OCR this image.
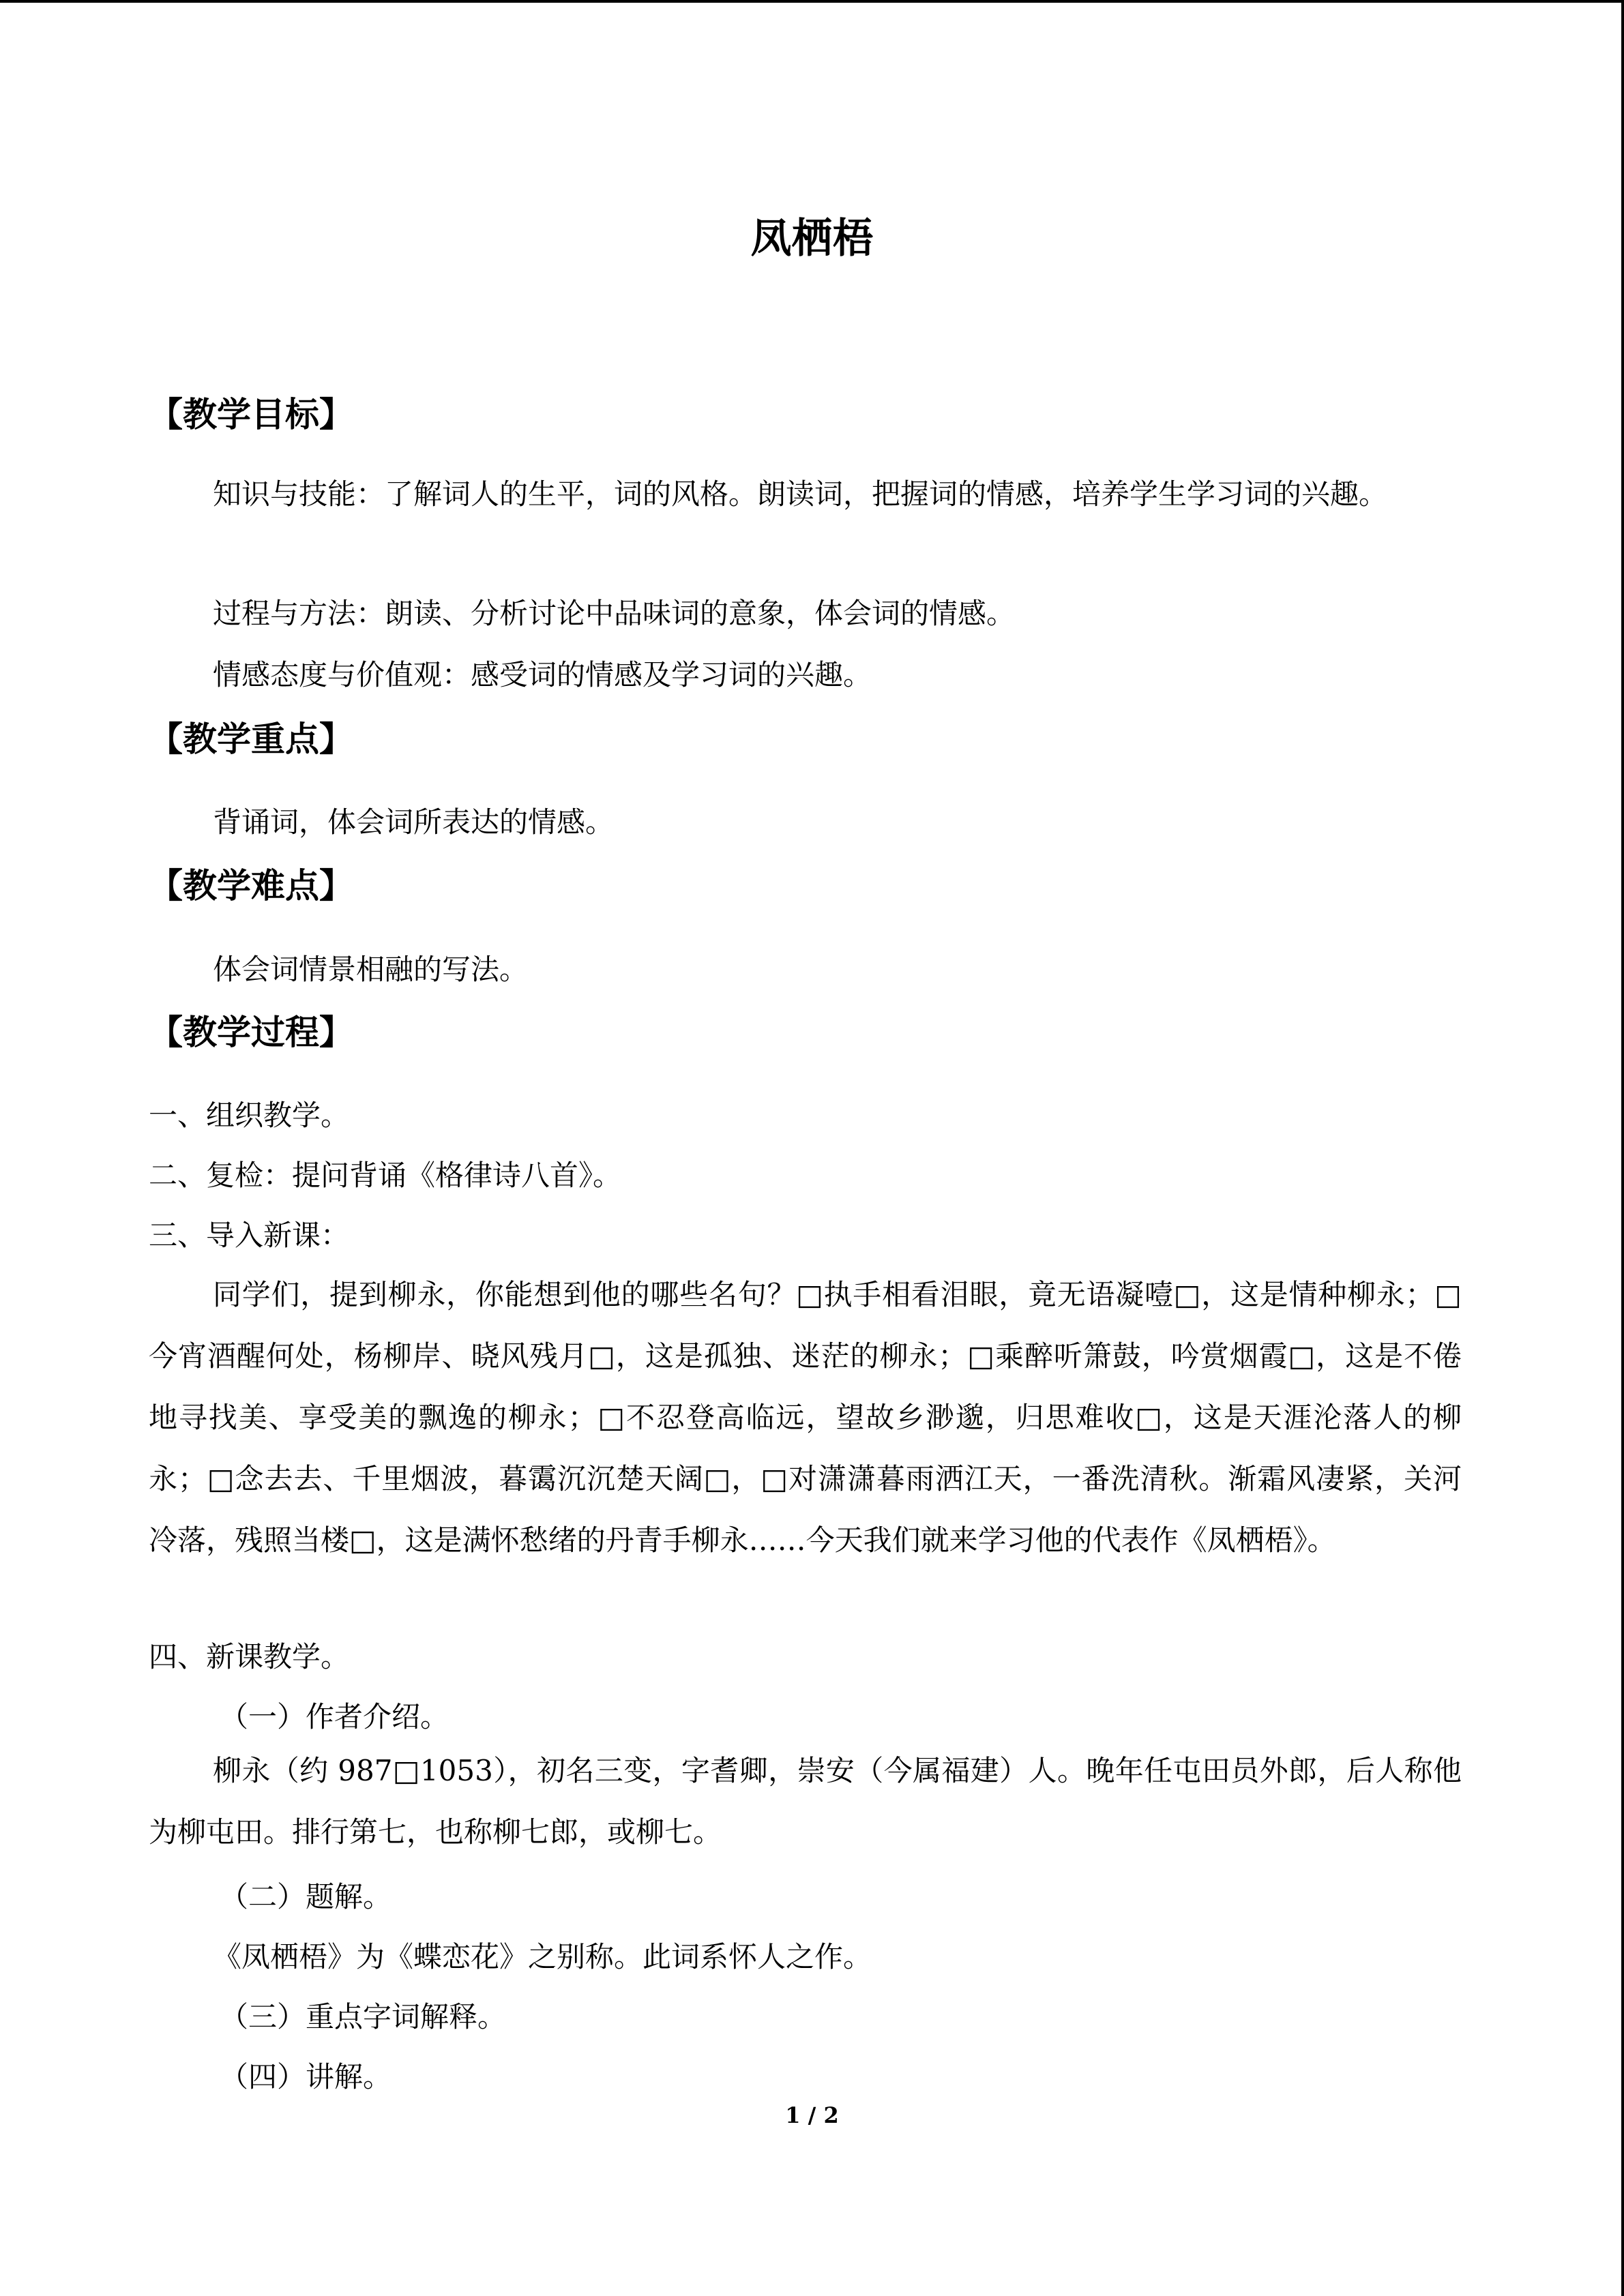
凤栖梧
【教学目标】

知识与技能：了解词人的生平，词的风格。朗读词，把握词的情感，培养学生学习词的兴趣。

过程与方法：朗读、分析讨论中品味词的意象，体会词的情感。

情感态度与价值观：感受词的情感及学习词的兴趣。

【教学重点】

背诵词，体会词所表达的情感。

【教学难点】

体会词情景相融的写法。

【教学过程】

一、组织教学。

二、复检：提问背诵《格律诗八首》。

三、导入新课：

同学们，提到柳永，你能想到他的哪些名句？□执手相看泪眼，竟无语凝噎□，这是情种柳永；□今宵酒醒何处，杨柳岸、晓风残月□，这是孤独、迷茫的柳永；□乘醉听箫鼓，吟赏烟霞□，这是不倦地寻找美、享受美的飘逸的柳永；□不忍登高临远，望故乡渺邈，归思难收□，这是天涯沦落人的柳永；□念去去、千里烟波，暮霭沉沉楚天阔□，□对潇潇暮雨洒江天，一番洗清秋。渐霜风凄紧，关河冷落，残照当楼□，这是满怀愁绪的丹青手柳永……今天我们就来学习他的代表作《凤栖梧》。

四、新课教学。

（一）作者介绍。

柳永（约 987□1053），初名三变，字耆卿，崇安（今属福建）人。晚年任屯田员外郎，后人称他为柳屯田。排行第七，也称柳七郎，或柳七。

（二）题解。

《凤栖梧》为《蝶恋花》之别称。此词系怀人之作。

（三）重点字词解释。

（四）讲解。

1 / 2
